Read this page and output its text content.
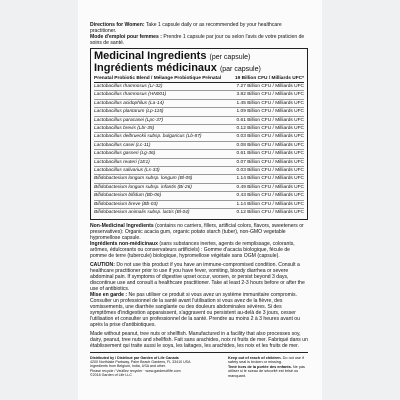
Directions for Women: Take 1 capsule daily or as recommended by your healthcare practitioner.
Mode d'emploi pour femmes : Prendre 1 capsule par jour ou selon l'avis de votre praticien de soins de santé.
Medicinal Ingredients (per capsule)
Ingrédients médicinaux (par capsule)
Prenatal Probiotic Blend / Mélange Probiotique Prénatal	19 Billion CFU / Milliards UFC*
Lactobacillus rhamnosus (Lr-32)	7.27 Billion CFU / Milliards UFC
Lactobacillus rhamnosus (HN001)	3.82 Billion CFU / Milliards UFC
Lactobacillus acidophilus (La-14)	1.45 Billion CFU / Milliards UFC
Lactobacillus plantarum (Lp-115)	1.09 Billion CFU / Milliards UFC
Lactobacillus paracasei (Lpc-37)	0.61 Billion CFU / Milliards UFC
Lactobacillus brevis (Lbr-35)	0.12 Billion CFU / Milliards UFC
Lactobacillus delbrueckii subsp. bulgaricus (Lb-87)	0.03 Billion CFU / Milliards UFC
Lactobacillus casei (Lc-11)	0.08 Billion CFU / Milliards UFC
Lactobacillus gasseri (Lg-36)	0.61 Billion CFU / Milliards UFC
Lactobacillus reuteri (1E1)	0.07 Billion CFU / Milliards UFC
Lactobacillus salivarius (Ls-33)	0.03 Billion CFU / Milliards UFC
Bifidobacterium longum subsp. longum (Bl-05)	1.14 Billion CFU / Milliards UFC
Bifidobacterium longum subsp. infantis (Bi-26)	0.49 Billion CFU / Milliards UFC
Bifidobacterium bifidum (Bb-06)	0.43 Billion CFU / Milliards UFC
Bifidobacterium breve (Bb-03)	1.14 Billion CFU / Milliards UFC
Bifidobacterium animalis subsp. lactis (Bl-04)	0.12 Billion CFU / Milliards UFC
Non-Medicinal Ingredients (contains no carriers, fillers, artificial colors, flavors, sweeteners or preservatives): Organic acacia gum, organic potato starch (tuber), non-GMO vegetable hypromellose capsule.
Ingrédients non-médicinaux (sans substances inertes, agents de remplissage, colorants, arômes, édulcorants ou conservateurs artificiels) : Gomme d'acacia biologique, fécule de pomme de terre (tubercule) biologique, hypromellose végétale sans OGM (capsule).
CAUTION: Do not use this product if you have an immune-compromised condition. Consult a healthcare practitioner prior to use if you have fever, vomiting, bloody diarrhea or severe abdominal pain. If symptoms of digestive upset occur, worsen, or persist beyond 3 days, discontinue use and consult a healthcare practitioner. Take at least 2-3 hours before or after the use of antibiotics.
Mise en garde : Ne pas utiliser ce produit si vous avez un système immunitaire compromis. Consulter un professionnel de la santé avant l'utilisation si vous avez de la fièvre, des vomissements, une diarrhée sanglante ou des douleurs abdominales sévères. Si des symptômes d'indigestion apparaissent, s'aggravent ou persistent au-delà de 3 jours, cesser l'utilisation et consulter un professionnel de la santé. Prendre au moins 2 à 3 heures avant ou après la prise d'antibiotiques.
Made without peanut, tree nuts or shellfish. Manufactured in a facility that also processes soy, dairy, peanut, tree nuts and shellfish. Fait sans arachides, noix ni fruits de mer. Fabriqué dans un établissement qui traite aussi le soya, les laitages, les arachides, les noix et les fruits de mer.
Distributed by / Distribué par Garden of Life Canada
4200 Northlake Parkway, Palm Beach Gardens, FL 33410 USA
Ingredients from Belgium, India, USA and other.
Please recycle / Veuillez recycler · www.gardenoflife.com
©2018 Garden of Life LLC
Keep out of reach of children. Do not use if safety seal is broken or missing.
Tenir hors de la portée des enfants. Ne pas utiliser si le sceau de sécurité est brisé ou manquant.
